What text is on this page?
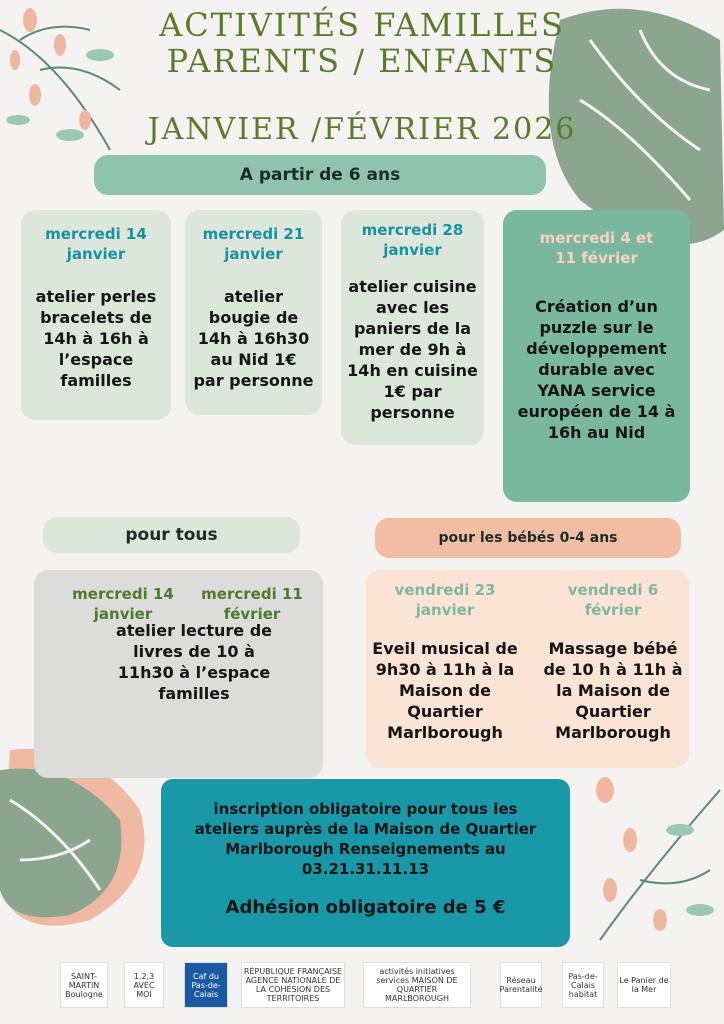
ACTIVITÉS FAMILLES
PARENTS / ENFANTS
JANVIER /FÉVRIER 2026
A partir de 6 ans
mercredi 14 janvier
atelier perles bracelets de 14h à 16h à l’espace familles
mercredi 21 janvier
atelier bougie de 14h à 16h30 au Nid 1€ par personne
mercredi 28 janvier
atelier cuisine avec les paniers de la mer de 9h à 14h en cuisine 1€ par personne
mercredi 4 et 11 février
Création d’un puzzle sur le développement durable avec YANA service européen de 14 à 16h au Nid
pour tous
mercredi 14 janvier
mercredi 11 février
atelier lecture de livres de 10 à 11h30 à l’espace familles
pour les bébés 0-4 ans
vendredi 23 janvier
Eveil musical de 9h30 à 11h à la Maison de Quartier Marlborough
vendredi 6 février
Massage bébé de 10 h à 11h à la Maison de Quartier Marlborough
inscription obligatoire pour tous les ateliers auprès de la Maison de Quartier Marlborough Renseignements au 03.21.31.11.13
Adhésion obligatoire de 5 €
SAINT-MARTIN Boulogne
1.2.3 AVEC MOI
Caf du Pas-de-Calais
RÉPUBLIQUE FRANÇAISE AGENCE NATIONALE DE LA COHÉSION DES TERRITOIRES
activités initiatives services MAISON DE QUARTIER MARLBOROUGH
Réseau Parentalité
Pas-de-Calais habitat
Le Panier de la Mer
